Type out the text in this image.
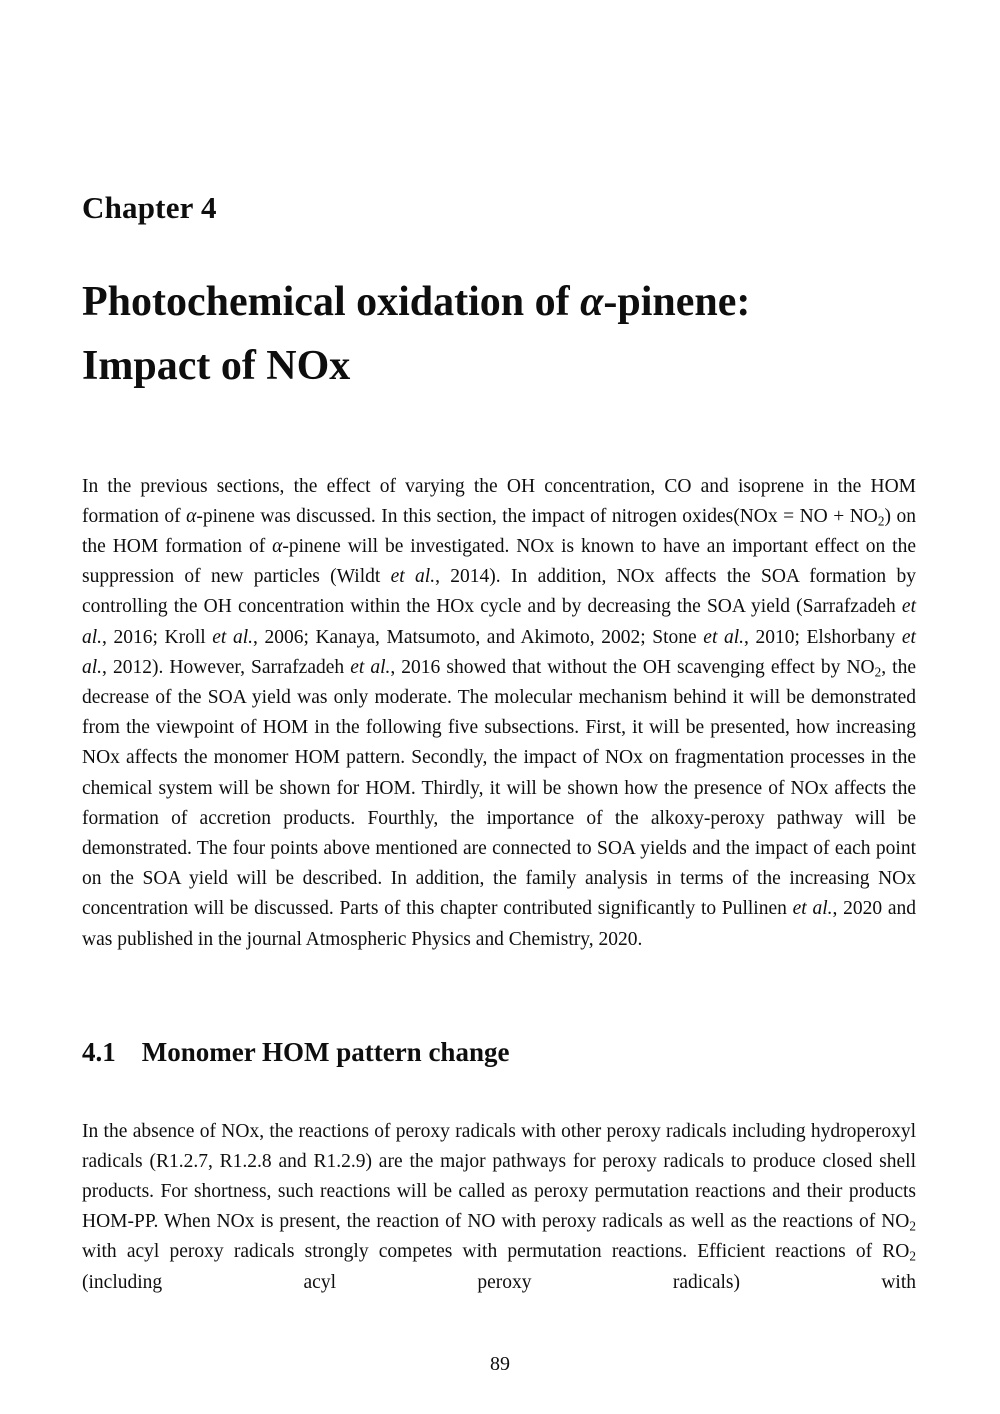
Chapter 4
Photochemical oxidation of α-pinene:
Impact of NOx

In the previous sections, the effect of varying the OH concentration, CO and isoprene in the HOM formation of α-pinene was discussed. In this section, the impact of nitrogen oxides(NOx = NO + $NO_2$) on the HOM formation of α-pinene will be investigated. NOx is known to have an important effect on the suppression of new particles (Wildt et al., 2014). In addition, NOx affects the SOA formation by controlling the OH concentration within the HOx cycle and by decreasing the SOA yield (Sarrafzadeh et al., 2016; Kroll et al., 2006; Kanaya, Matsumoto, and Akimoto, 2002; Stone et al., 2010; Elshorbany et al., 2012). However, Sarrafzadeh et al., 2016 showed that without the OH scavenging effect by $NO_2$, the decrease of the SOA yield was only moderate. The molecular mechanism behind it will be demonstrated from the viewpoint of HOM in the following five subsections. First, it will be presented, how increasing NOx affects the monomer HOM pattern. Secondly, the impact of NOx on fragmentation processes in the chemical system will be shown for HOM. Thirdly, it will be shown how the presence of NOx affects the formation of accretion products. Fourthly, the importance of the alkoxy-peroxy pathway will be demonstrated. The four points above mentioned are connected to SOA yields and the impact of each point on the SOA yield will be described. In addition, the family analysis in terms of the increasing NOx concentration will be discussed. Parts of this chapter contributed significantly to Pullinen et al., 2020 and was published in the journal Atmospheric Physics and Chemistry, 2020.

4.1 Monomer HOM pattern change

In the absence of NOx, the reactions of peroxy radicals with other peroxy radicals including hydroperoxyl radicals (R1.2.7, R1.2.8 and R1.2.9) are the major pathways for peroxy radicals to produce closed shell products. For shortness, such reactions will be called as peroxy permutation reactions and their products HOM-PP. When NOx is present, the reaction of NO with peroxy radicals as well as the reactions of $NO_2$ with acyl peroxy radicals strongly competes with permutation reactions. Efficient reactions of $RO_2$ (including acyl peroxy radicals) with

89
